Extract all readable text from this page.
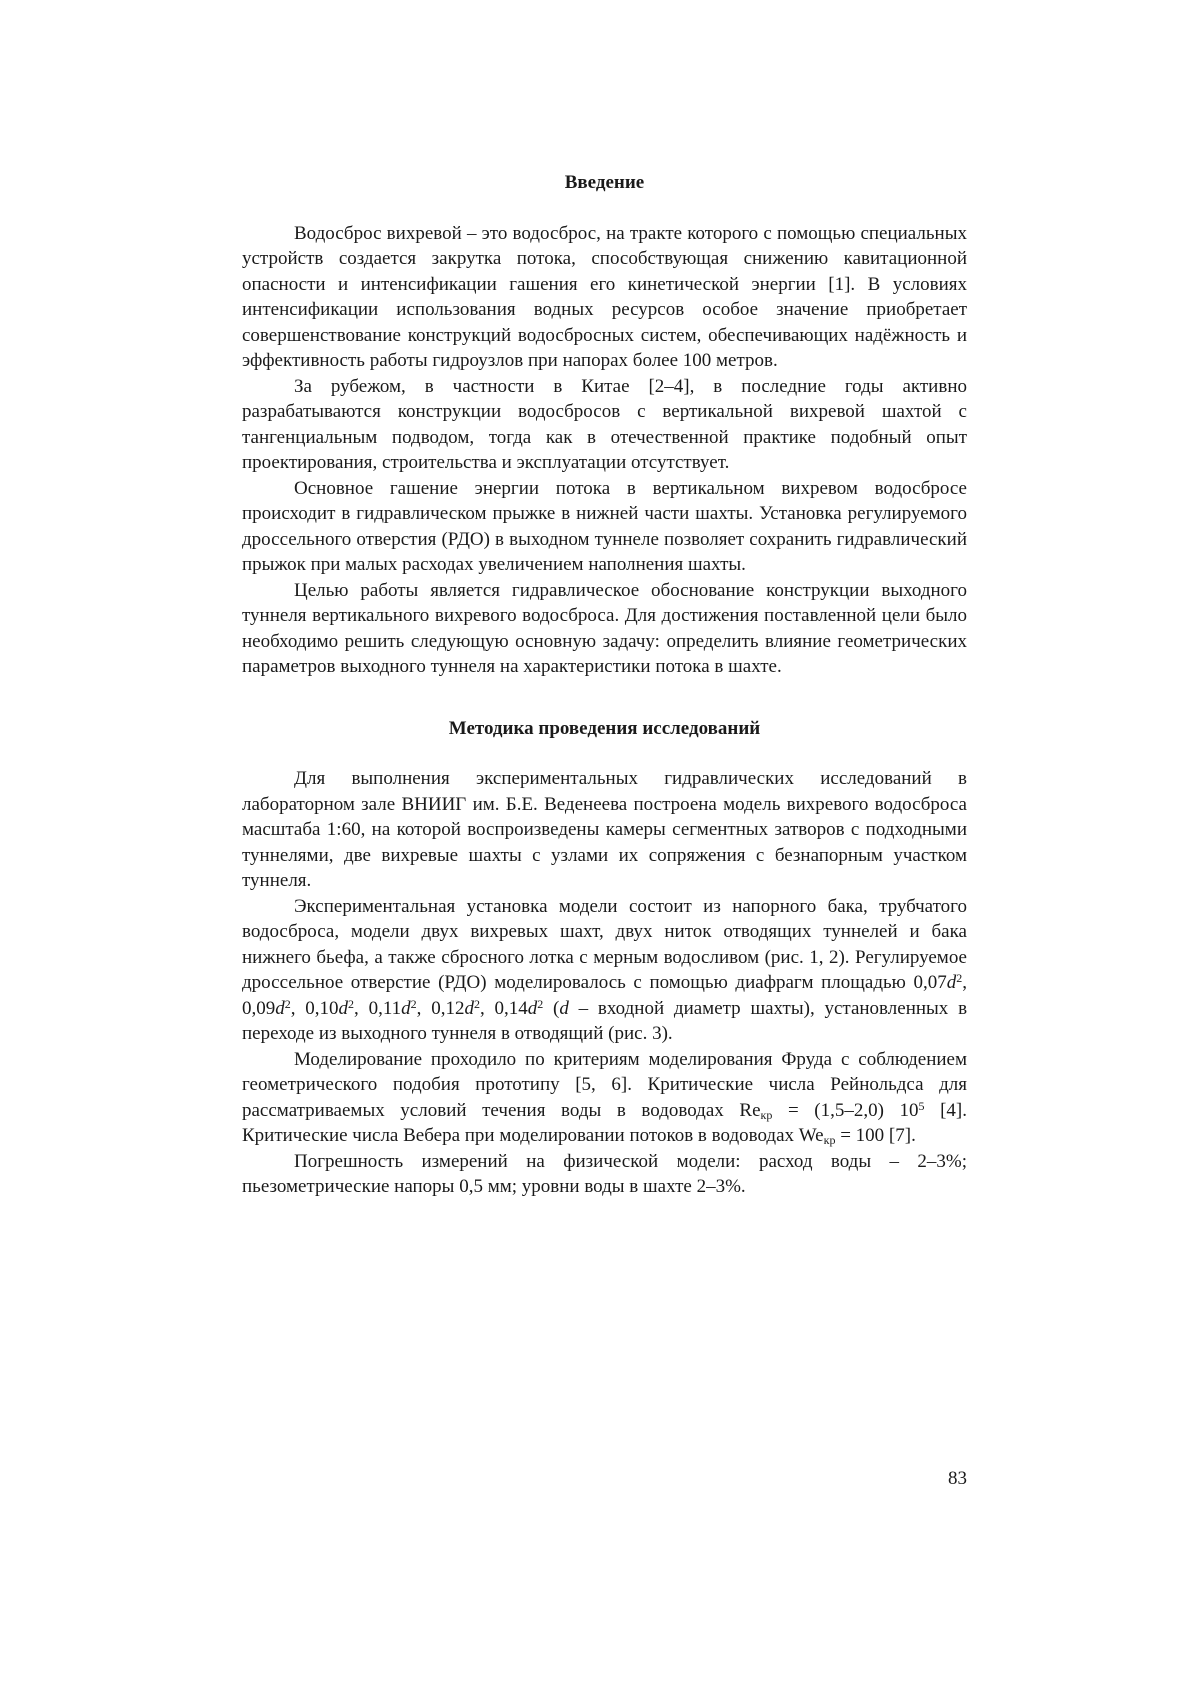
Введение

Водосброс вихревой – это водосброс, на тракте которого с помощью специальных устройств создается закрутка потока, способствующая снижению кавитационной опасности и интенсификации гашения его кинетической энергии [1]. В условиях интенсификации использования водных ресурсов особое значение приобретает совершенствование конструкций водосбросных систем, обеспечивающих надёжность и эффективность работы гидроузлов при напорах более 100 метров.

За рубежом, в частности в Китае [2–4], в последние годы активно разрабатываются конструкции водосбросов с вертикальной вихревой шахтой с тангенциальным подводом, тогда как в отечественной практике подобный опыт проектирования, строительства и эксплуатации отсутствует.

Основное гашение энергии потока в вертикальном вихревом водосбросе происходит в гидравлическом прыжке в нижней части шахты. Установка регулируемого дроссельного отверстия (РДО) в выходном туннеле позволяет сохранить гидравлический прыжок при малых расходах увеличением наполнения шахты.

Целью работы является гидравлическое обоснование конструкции выходного туннеля вертикального вихревого водосброса. Для достижения поставленной цели было необходимо решить следующую основную задачу: определить влияние геометрических параметров выходного туннеля на характеристики потока в шахте.

Методика проведения исследований

Для выполнения экспериментальных гидравлических исследований в лабораторном зале ВНИИГ им. Б.Е. Веденеева построена модель вихревого водосброса масштаба 1:60, на которой воспроизведены камеры сегментных затворов с подходными туннелями, две вихревые шахты с узлами их сопряжения с безнапорным участком туннеля.

Экспериментальная установка модели состоит из напорного бака, трубчатого водосброса, модели двух вихревых шахт, двух ниток отводящих туннелей и бака нижнего бьефа, а также сбросного лотка с мерным водосливом (рис. 1, 2). Регулируемое дроссельное отверстие (РДО) моделировалось с помощью диафрагм площадью $0,07d^2$, $0,09d^2$, $0,10d^2$, $0,11d^2$, $0,12d^2$, $0,14d^2$ (d – входной диаметр шахты), установленных в переходе из выходного туннеля в отводящий (рис. 3).

Моделирование проходило по критериям моделирования Фруда с соблюдением геометрического подобия прототипу [5, 6]. Критические числа Рейнольдса для рассматриваемых условий течения воды в водоводах $Re_{кр} = (1,5-2,0)$ $10^5$ [4]. Критические числа Вебера при моделировании потоков в водоводах $We_{кр} = 100$ [7].

Погрешность измерений на физической модели: расход воды – 2–3%; пьезометрические напоры 0,5 мм; уровни воды в шахте 2–3%.

83
